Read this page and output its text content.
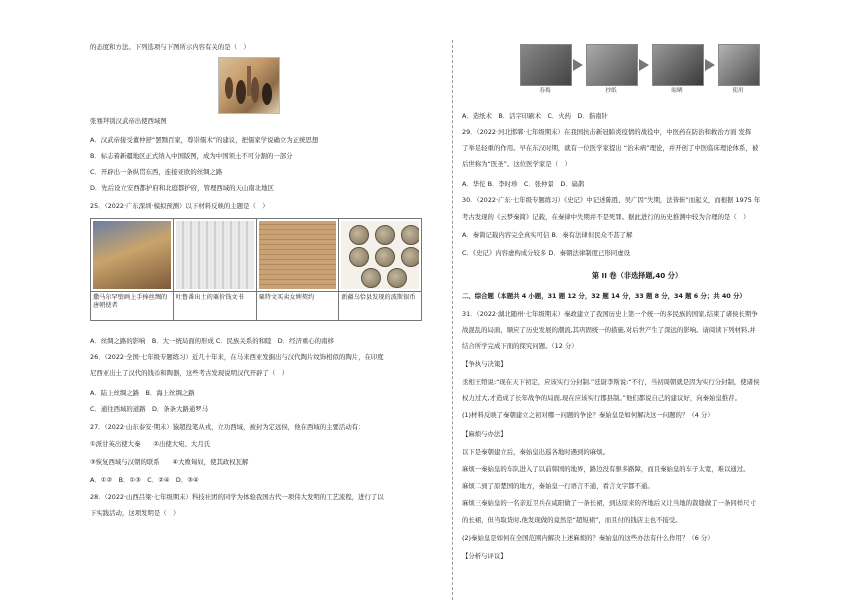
的态度和方法。下列选项与下图所示内容有关的是（　）
张骞拜别汉武帝出使西域图
A．汉武帝接受董仲舒“罢黜百家，尊崇儒术”的建议，把儒家学说确立为正统思想
B．标志着新疆地区正式纳入中国版图，成为中国领土不可分割的一部分
C．开辟出一条纵贯东西，连接亚欧的丝绸之路
D．先后设立安西都护府和北庭都护府，管理西域的天山南北地区
25．（2022·广东深圳·模拟预测）以下材料反映的主题是（　）

撒马尔罕壁画上手捧丝绸的唐朝使者	吐鲁番出土的粟价钱文书	粟特文买卖女婢契约	新疆乌恰县发现的波斯银币
A．丝绸之路的影响　B．大一统局面的形成 C．民族关系的和睦　D．经济重心的南移
26．（2022·全国·七年级专题练习）近几十年来，在马来西亚发掘出与汉代陶片纹饰相似的陶片，在印度
尼西亚出土了汉代的钱币和陶器，这些考古发现说明汉代开辟了（　）
A．陆上丝绸之路　B．海上丝绸之路
C．通往西域的道路　D．条条大路通罗马
27．（2022·山东泰安·期末）猿超投笔从戎，立功西域，被封为定远侯，他在西域的主要活动有：
①派甘英出使大秦　　②出使大宛、大月氏
③恢复西域与汉朝的联系　　④大败匈奴，使其政权瓦解
A．①②　B．①③　C．②④　D．③④
28．（2022·山西吕梁·七年级期末）科技社团的同学为体验我国古代一项伟大发明的工艺流程，进行了以
下实践活动，这项发明是（　）
春捣	抄纸	晾晒	使用
A．造纸术　B．活字印刷术　C．火药　D．指南针
29．（2022·河北邯郸·七年级期末）在我国抗击新冠肺炎疫情的战役中，中医药在防治和救治方面 发挥
了举足轻重的作用。早在东汉时期，就有一位医学家提出 “治未病”理论，并开创了中医临床理论体系，被
后世称为“医圣”。这位医学家是（　）
A．华佗 B．李时珍　C．张仲景　D．扁鹊
30．（2022·广东·七年级专题练习）《史记》中记述陈胜、吴广因“失期，法皆斩”而起义，而根据 1975 年
考古发现的《云梦秦简》记载，在秦律中失期并不是死罪。据此进行的历史推测中较为合理的是（　）
A．秦简记载内容完全真实可信 B．秦有法律但民众不甚了解
C．《史记》内容虚构成分较多 D．秦朝法律制度已形同虚设
第 II 卷（非选择题,40 分）
二、综合题（本题共 4 小题，31 题 12 分，32 题 14 分，33 题 8 分，34 题 6 分；共 40 分）
31．（2022·湖北随州·七年级期末）秦政建立了我国历史上第一个统一的多民族的国家,结束了诸侯长期争
战混乱的局面，顺应了历史发展的潮流,其巩固统一的措施,对后世产生了深远的影响。请阅读下列材料,并
结合所学完成下面的探究问题。（12 分）
【争执与决策】
丞相王绾说:“现在天下初定，应该实行分封制.”廷尉李斯说:“不行，当初周朝就是因为实行分封制，使诸侯
权力过大,才造成了长年战争的局面,现在应该实行郡县制。”他们都说自己的建议好，向秦始皇推荐。
(1)材料反映了秦朝建立之初对哪一问题的争论？秦始皇是如何解决这一问题的？（4 分）
【麻烦与办法】
以下是秦朝建立后，秦始皇出巡各地时遇到的麻烦。
麻烦一秦始皇的车队进入了以前韩国的地界，路边没有驱多路障，而且秦始皇的车子太宽，难以通过。
麻烦二到了原楚国的地方，秦始皇一行语言不通，看言文字都不通。
麻烦三秦始皇的一名亲近卫兵在咸阳做了一条长裙，到达原来的齐地后又让当地的裁缝做了一条同样尺寸
的长裙，但当取货时,他发现做的竟然是“超短裙”，而且付的钱店主也不接受。
(2)秦始皇是如何在全国范围内解决上述麻烦的？秦始皇的这些办法有什么作用？（6 分）
【分析与评议】
